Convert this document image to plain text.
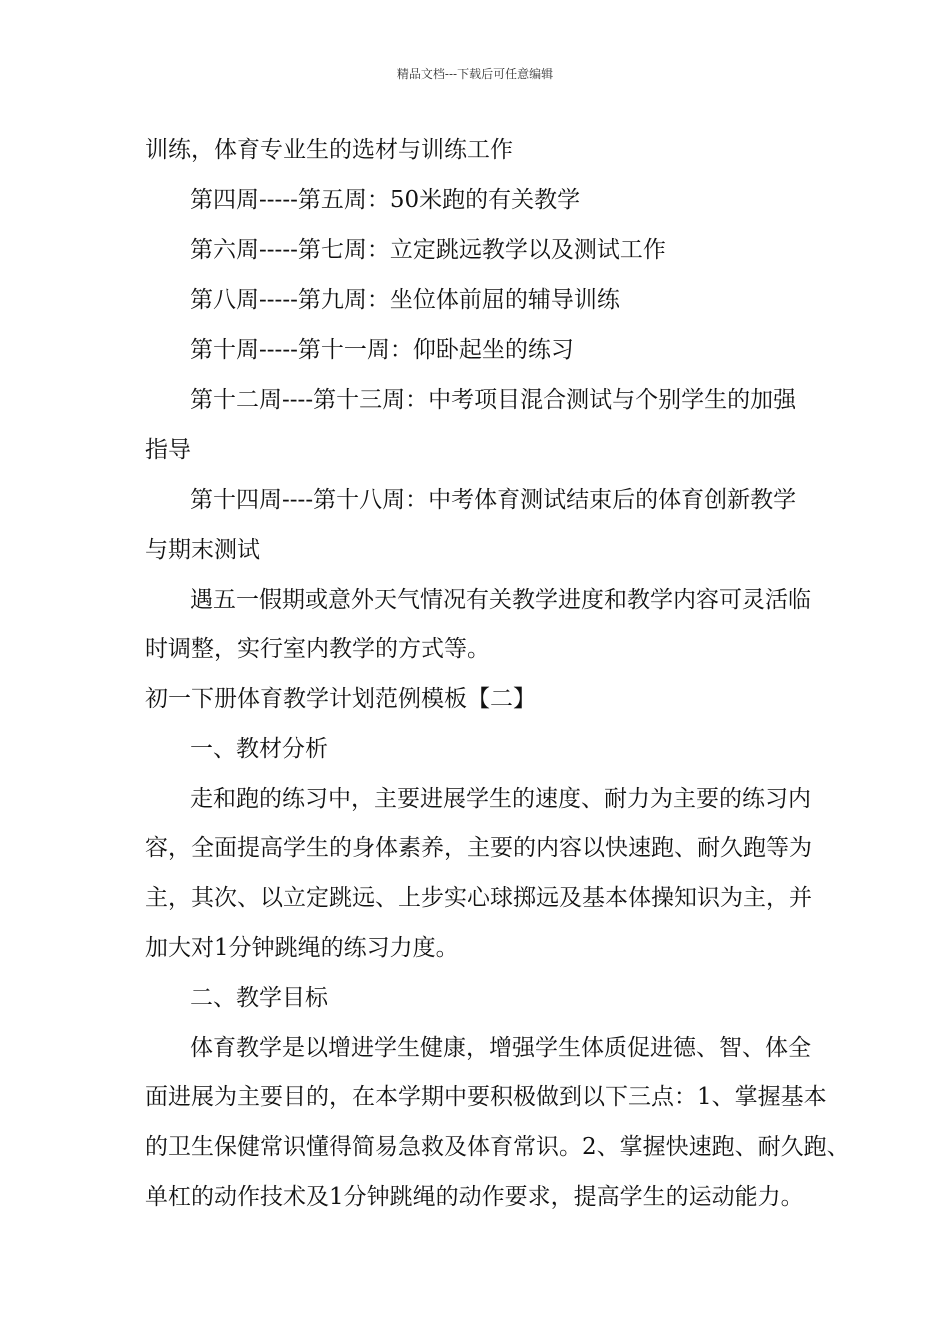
精品文档---下载后可任意编辑
训练，体育专业生的选材与训练工作
第四周-----第五周：50米跑的有关教学
第六周-----第七周：立定跳远教学以及测试工作
第八周-----第九周：坐位体前屈的辅导训练
第十周-----第十一周：仰卧起坐的练习
第十二周----第十三周：中考项目混合测试与个别学生的加强
指导
第十四周----第十八周：中考体育测试结束后的体育创新教学
与期末测试
遇五一假期或意外天气情况有关教学进度和教学内容可灵活临
时调整，实行室内教学的方式等。
初一下册体育教学计划范例模板【二】
一、教材分析
走和跑的练习中，主要进展学生的速度、耐力为主要的练习内
容，全面提高学生的身体素养，主要的内容以快速跑、耐久跑等为
主，其次、以立定跳远、上步实心球掷远及基本体操知识为主，并
加大对1分钟跳绳的练习力度。
二、教学目标
体育教学是以增进学生健康，增强学生体质促进德、智、体全
面进展为主要目的，在本学期中要积极做到以下三点：1、掌握基本
的卫生保健常识懂得简易急救及体育常识。2、掌握快速跑、耐久跑、
单杠的动作技术及1分钟跳绳的动作要求，提高学生的运动能力。
